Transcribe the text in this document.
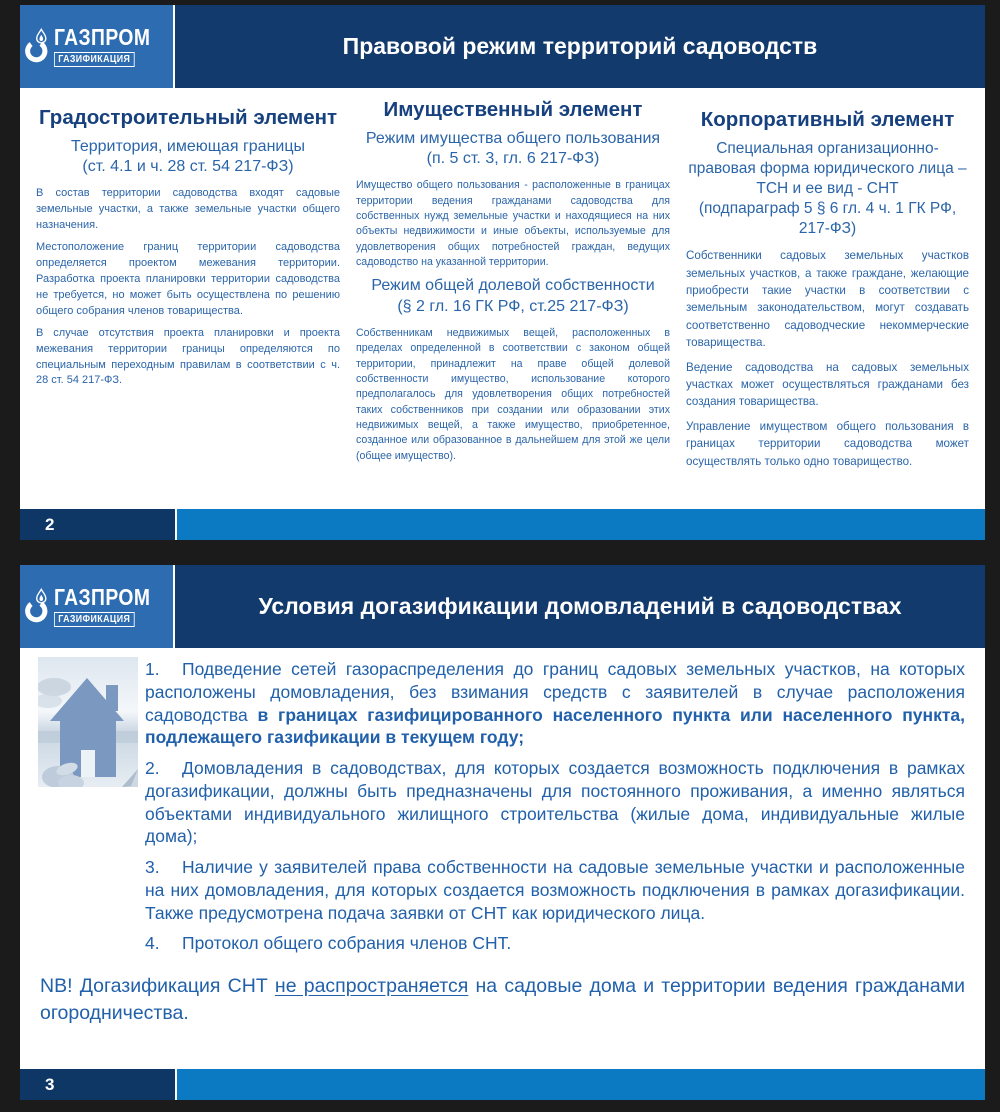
ГАЗПРОМ
ГАЗИФИКАЦИЯ	Правовой режим территорий садоводств
Градостроительный элемент

Территория, имеющая границы

(ст. 4.1 и ч. 28 ст. 54 217-ФЗ)

В состав территории садоводства входят садовые земельные участки, а также земельные участки общего назначения.

Местоположение границ территории садоводства определяется проектом межевания территории. Разработка проекта планировки территории садоводства не требуется, но может быть осуществлена по решению общего собрания членов товарищества.

В случае отсутствия проекта планировки и проекта межевания территории границы определяются по специальным переходным правилам в соответствии с ч. 28 ст. 54 217-ФЗ.

Имущественный элемент

Режим имущества общего пользования

(п. 5 ст. 3, гл. 6 217-ФЗ)

Имущество общего пользования - расположенные в границах территории ведения гражданами садоводства для собственных нужд земельные участки и находящиеся на них объекты недвижимости и иные объекты, используемые для удовлетворения общих потребностей граждан, ведущих садоводство на указанной территории.

Режим общей долевой собственности

(§ 2 гл. 16 ГК РФ, ст.25 217-ФЗ)

Собственникам недвижимых вещей, расположенных в пределах определенной в соответствии с законом общей территории, принадлежит на праве общей долевой собственности имущество, использование которого предполагалось для удовлетворения общих потребностей таких собственников при создании или образовании этих недвижимых вещей, а также имущество, приобретенное, созданное или образованное в дальнейшем для этой же цели (общее имущество).

Корпоративный элемент

Специальная организационно-правовая форма юридического лица – ТСН и ее вид - СНТ

(подпараграф 5 § 6 гл. 4 ч. 1 ГК РФ, 217-ФЗ)

Собственники садовых земельных участков земельных участков, а также граждане, желающие приобрести такие участки в соответствии с земельным законодательством, могут создавать соответственно садоводческие некоммерческие товарищества.

Ведение садоводства на садовых земельных участках может осуществляться гражданами без создания товарищества.

Управление имуществом общего пользования в границах территории садоводства может осуществлять только одно товарищество.

2
ГАЗПРОМ
ГАЗИФИКАЦИЯ	Условия догазификации домовладений в садоводствах

1. Подведение сетей газораспределения до границ садовых земельных участков, на которых расположены домовладения, без взимания средств с заявителей в случае расположения садоводства в границах газифицированного населенного пункта или населенного пункта, подлежащего газификации в текущем году;

2. Домовладения в садоводствах, для которых создается возможность подключения в рамках догазификации, должны быть предназначены для постоянного проживания, а именно являться объектами индивидуального жилищного строительства (жилые дома, индивидуальные жилые дома);

3. Наличие у заявителей права собственности на садовые земельные участки и расположенные на них домовладения, для которых создается возможность подключения в рамках догазификации. Также предусмотрена подача заявки от СНТ как юридического лица.

4. Протокол общего собрания членов СНТ.

NB! Догазификация СНТ не распространяется на садовые дома и территории ведения гражданами огородничества.

3
